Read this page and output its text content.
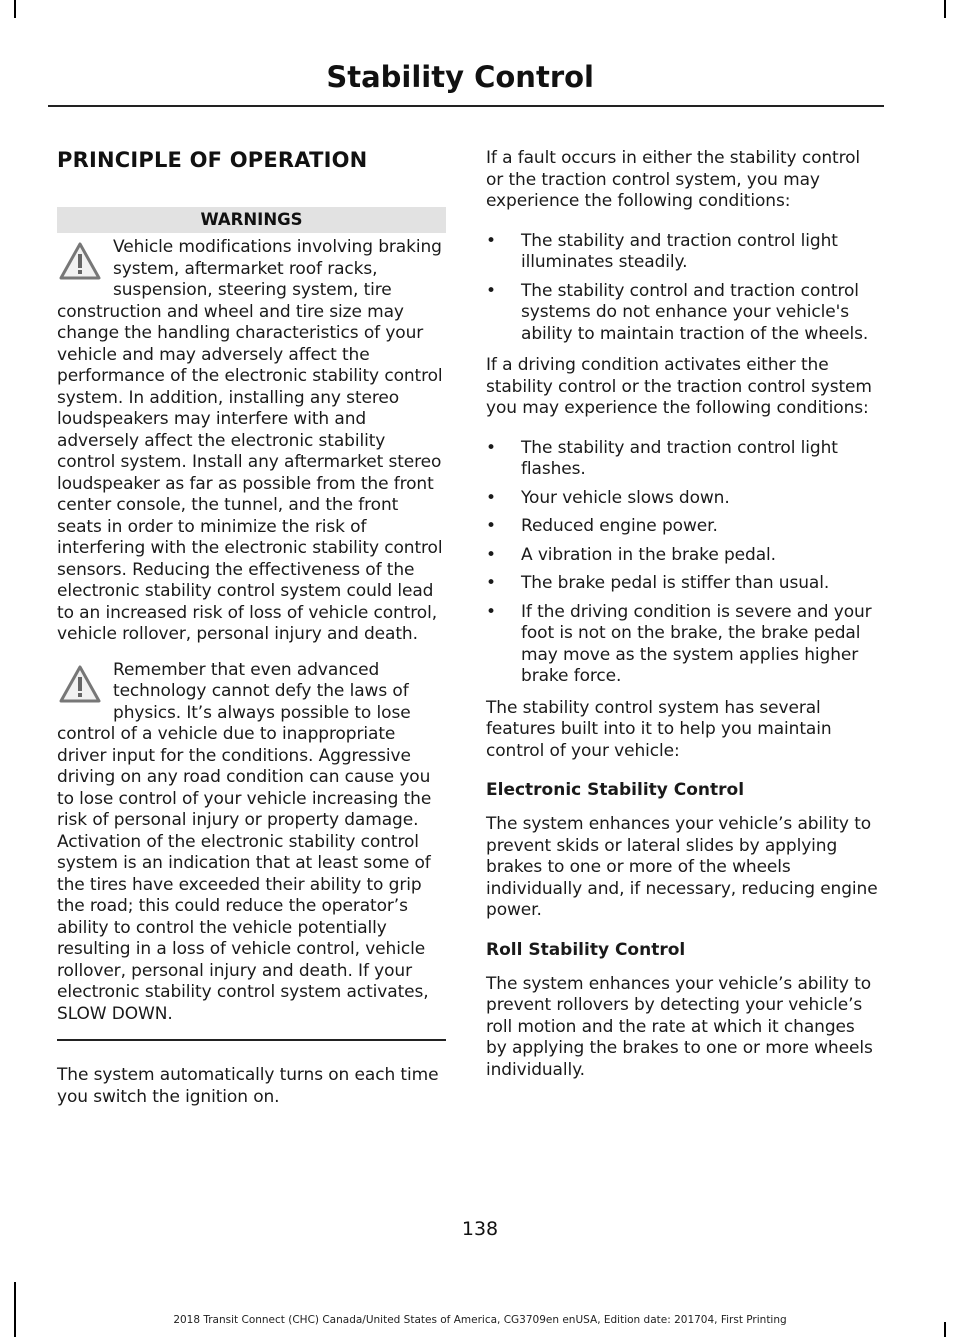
Stability Control
PRINCIPLE OF OPERATION
WARNINGS
Vehicle modifications involving braking system, aftermarket roof racks, suspension, steering system, tire construction and wheel and tire size may change the handling characteristics of your vehicle and may adversely affect the performance of the electronic stability control system. In addition, installing any stereo loudspeakers may interfere with and adversely affect the electronic stability control system. Install any aftermarket stereo loudspeaker as far as possible from the front center console, the tunnel, and the front seats in order to minimize the risk of interfering with the electronic stability control sensors. Reducing the effectiveness of the electronic stability control system could lead to an increased risk of loss of vehicle control, vehicle rollover, personal injury and death.
Remember that even advanced technology cannot defy the laws of physics. It’s always possible to lose control of a vehicle due to inappropriate driver input for the conditions. Aggressive driving on any road condition can cause you to lose control of your vehicle increasing the risk of personal injury or property damage. Activation of the electronic stability control system is an indication that at least some of the tires have exceeded their ability to grip the road; this could reduce the operator’s ability to control the vehicle potentially resulting in a loss of vehicle control, vehicle rollover, personal injury and death. If your electronic stability control system activates, SLOW DOWN.

The system automatically turns on each time you switch the ignition on.

If a fault occurs in either the stability control or the traction control system, you may experience the following conditions:

• The stability and traction control light illuminates steadily.
• The stability control and traction control systems do not enhance your vehicle's ability to maintain traction of the wheels.

If a driving condition activates either the stability control or the traction control system you may experience the following conditions:

• The stability and traction control light flashes.
• Your vehicle slows down.
• Reduced engine power.
• A vibration in the brake pedal.
• The brake pedal is stiffer than usual.
• If the driving condition is severe and your foot is not on the brake, the brake pedal may move as the system applies higher brake force.

The stability control system has several features built into it to help you maintain control of your vehicle:

Electronic Stability Control

The system enhances your vehicle’s ability to prevent skids or lateral slides by applying brakes to one or more of the wheels individually and, if necessary, reducing engine power.

Roll Stability Control

The system enhances your vehicle’s ability to prevent rollovers by detecting your vehicle’s roll motion and the rate at which it changes by applying the brakes to one or more wheels individually.

138
2018 Transit Connect (CHC) Canada/United States of America, CG3709en enUSA, Edition date: 201704, First Printing
